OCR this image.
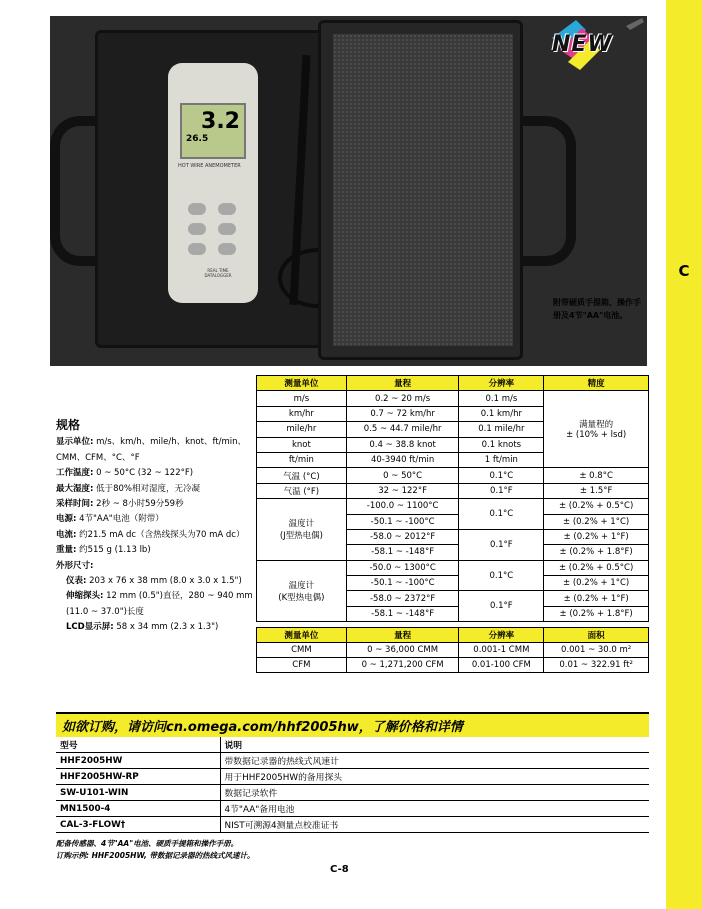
C
3.2
26.5
HOT WIRE ANEMOMETER
REAL TIME DATALOGGER
NEW
附带硬质手提箱、操作手册及4节"AA"电池。
规格
显示单位: m/s、km/h、mile/h、knot、ft/min、CMM、CFM、°C、°F
工作温度: 0 ~ 50°C (32 ~ 122°F)
最大湿度: 低于80%相对湿度，无冷凝
采样时间: 2秒 ~ 8小时59分59秒
电源: 4节"AA"电池（附带）
电流: 约21.5 mA dc（含热线探头为70 mA dc）
重量: 约515 g (1.13 lb)
外形尺寸:
仪表: 203 x 76 x 38 mm (8.0 x 3.0 x 1.5")
伸缩探头: 12 mm (0.5")直径，280 ~ 940 mm (11.0 ~ 37.0")长度
LCD显示屏: 58 x 34 mm (2.3 x 1.3")
测量单位	量程	分辨率	精度
m/s	0.2 ~ 20 m/s	0.1 m/s	满量程的
± (10% + lsd)
km/hr	0.7 ~ 72 km/hr	0.1 km/hr	
mile/hr	0.5 ~ 44.7 mile/hr	0.1 mile/hr	
knot	0.4 ~ 38.8 knot	0.1 knots	
ft/min	40-3940 ft/min	1 ft/min	
气温 (°C)	0 ~ 50°C	0.1°C	± 0.8°C
气温 (°F)	32 ~ 122°F	0.1°F	± 1.5°F
温度计
(J型热电偶)	-100.0 ~ 1100°C	0.1°C	± (0.2% + 0.5°C)
	-50.1 ~ -100°C		± (0.2% + 1°C)
	-58.0 ~ 2012°F	0.1°F	± (0.2% + 1°F)
	-58.1 ~ -148°F		± (0.2% + 1.8°F)
温度计
(K型热电偶)	-50.0 ~ 1300°C	0.1°C	± (0.2% + 0.5°C)
	-50.1 ~ -100°C		± (0.2% + 1°C)
	-58.0 ~ 2372°F	0.1°F	± (0.2% + 1°F)
	-58.1 ~ -148°F		± (0.2% + 1.8°F)
测量单位	量程	分辨率	面积
CMM	0 ~ 36,000 CMM	0.001-1 CMM	0.001 ~ 30.0 m²
CFM	0 ~ 1,271,200 CFM	0.01-100 CFM	0.01 ~ 322.91 ft²
如欲订购，请访问cn.omega.com/hhf2005hw，了解价格和详情
型号	说明
HHF2005HW	带数据记录器的热线式风速计
HHF2005HW-RP	用于HHF2005HW的备用探头
SW-U101-WIN	数据记录软件
MN1500-4	4节"AA"备用电池
CAL-3-FLOW†	NIST可溯源4测量点校准证书
配备传感器、4节"AA"电池、硬质手提箱和操作手册。
订购示例: HHF2005HW, 带数据记录器的热线式风速计。
C-8
